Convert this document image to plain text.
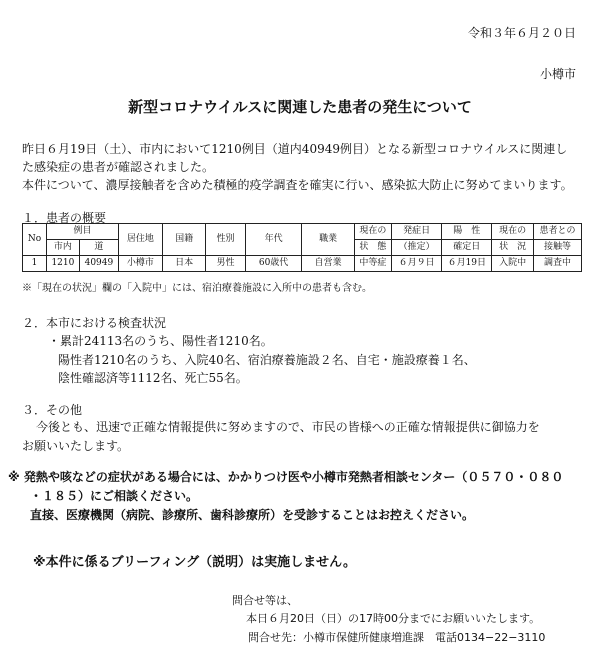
令和３年６月２０日
小樽市
新型コロナウイルスに関連した患者の発生について
昨日６月19日（土）、市内において1210例目（道内40949例目）となる新型コロナウイルスに関連し
た感染症の患者が確認されました。
本件について、濃厚接触者を含めた積極的疫学調査を確実に行い、感染拡大防止に努めてまいります。
１．患者の概要
No	例目		居住地	国籍	性別	年代	職業	現在の	発症日	陽　性	現在の	患者との
	市内	道						状　態	（推定）	確定日	状　況	接触等
1	1210	40949	小樽市	日本	男性	60歳代	自営業	中等症	６月９日	６月19日	入院中	調査中
※「現在の状況」欄の「入院中」には、宿泊療養施設に入所中の患者も含む。
２．本市における検査状況
・累計24113名のうち、陽性者1210名。
陽性者1210名のうち、入院40名、宿泊療養施設２名、自宅・施設療養１名、
陰性確認済等1112名、死亡55名。
３．その他
今後とも、迅速で正確な情報提供に努めますので、市民の皆様への正確な情報提供に御協力を
お願いいたします。
※ 発熱や咳などの症状がある場合には、かかりつけ医や小樽市発熱者相談センター（０５７０・０８０
・１８５）にご相談ください。
直接、医療機関（病院、診療所、歯科診療所）を受診することはお控えください。
※本件に係るブリーフィング（説明）は実施しません。
問合せ等は、
本日６月20日（日）の17時00分までにお願いいたします。
問合せ先：小樽市保健所健康増進課　電話0134−22−3110
